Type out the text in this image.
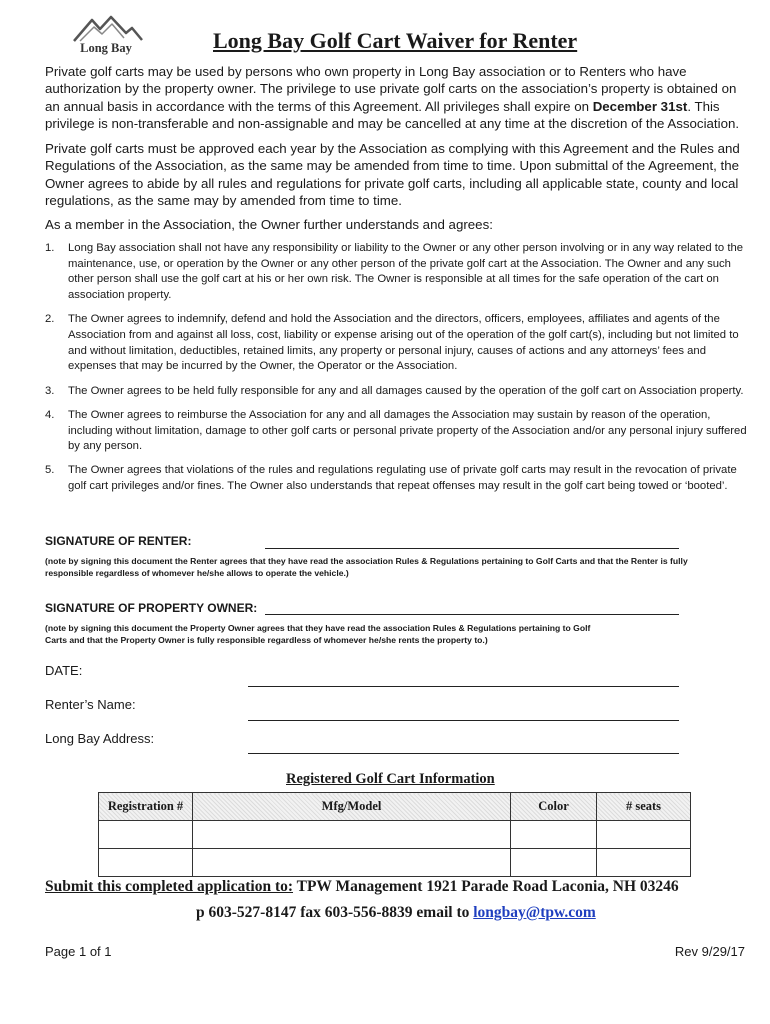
Long Bay	Long Bay Golf Cart Waiver for Renter

Private golf carts may be used by persons who own property in Long Bay association or to Renters who have authorization by the property owner. The privilege to use private golf carts on the association’s property is obtained on an annual basis in accordance with the terms of this Agreement. All privileges shall expire on December 31st. This privilege is non-transferable and non-assignable and may be cancelled at any time at the discretion of the Association.

Private golf carts must be approved each year by the Association as complying with this Agreement and the Rules and Regulations of the Association, as the same may be amended from time to time. Upon submittal of the Agreement, the Owner agrees to abide by all rules and regulations for private golf carts, including all applicable state, county and local regulations, as the same may by amended from time to time.

As a member in the Association, the Owner further understands and agrees:

1. Long Bay association shall not have any responsibility or liability to the Owner or any other person involving or in any way related to the maintenance, use, or operation by the Owner or any other person of the private golf cart at the Association. The Owner and any such other person shall use the golf cart at his or her own risk. The Owner is responsible at all times for the safe operation of the cart on association property.
2. The Owner agrees to indemnify, defend and hold the Association and the directors, officers, employees, affiliates and agents of the Association from and against all loss, cost, liability or expense arising out of the operation of the golf cart(s), including but not limited to and without limitation, deductibles, retained limits, any property or personal injury, causes of actions and any attorneys’ fees and expenses that may be incurred by the Owner, the Operator or the Association.
3. The Owner agrees to be held fully responsible for any and all damages caused by the operation of the golf cart on Association property.
4. The Owner agrees to reimburse the Association for any and all damages the Association may sustain by reason of the operation, including without limitation, damage to other golf carts or personal private property of the Association and/or any personal injury suffered by any person.
5. The Owner agrees that violations of the rules and regulations regulating use of private golf carts may result in the revocation of private golf cart privileges and/or fines. The Owner also understands that repeat offenses may result in the golf cart being towed or ‘booted’.
SIGNATURE OF RENTER:
(note by signing this document the Renter agrees that they have read the association Rules & Regulations pertaining to Golf Carts and that the Renter is fully responsible regardless of whomever he/she allows to operate the vehicle.)
SIGNATURE OF PROPERTY OWNER:
(note by signing this document the Property Owner agrees that they have read the association Rules & Regulations pertaining to Golf Carts and that the Property Owner is fully responsible regardless of whomever he/she rents the property to.)
DATE:
Renter’s Name:
Long Bay Address:
Registered Golf Cart Information
Registration #	Mfg/Model	Color	# seats

Submit this completed application to: TPW Management 1921 Parade Road Laconia, NH 03246
p 603-527-8147 fax 603-556-8839 email to longbay@tpw.com
Page 1 of 1	Rev 9/29/17
